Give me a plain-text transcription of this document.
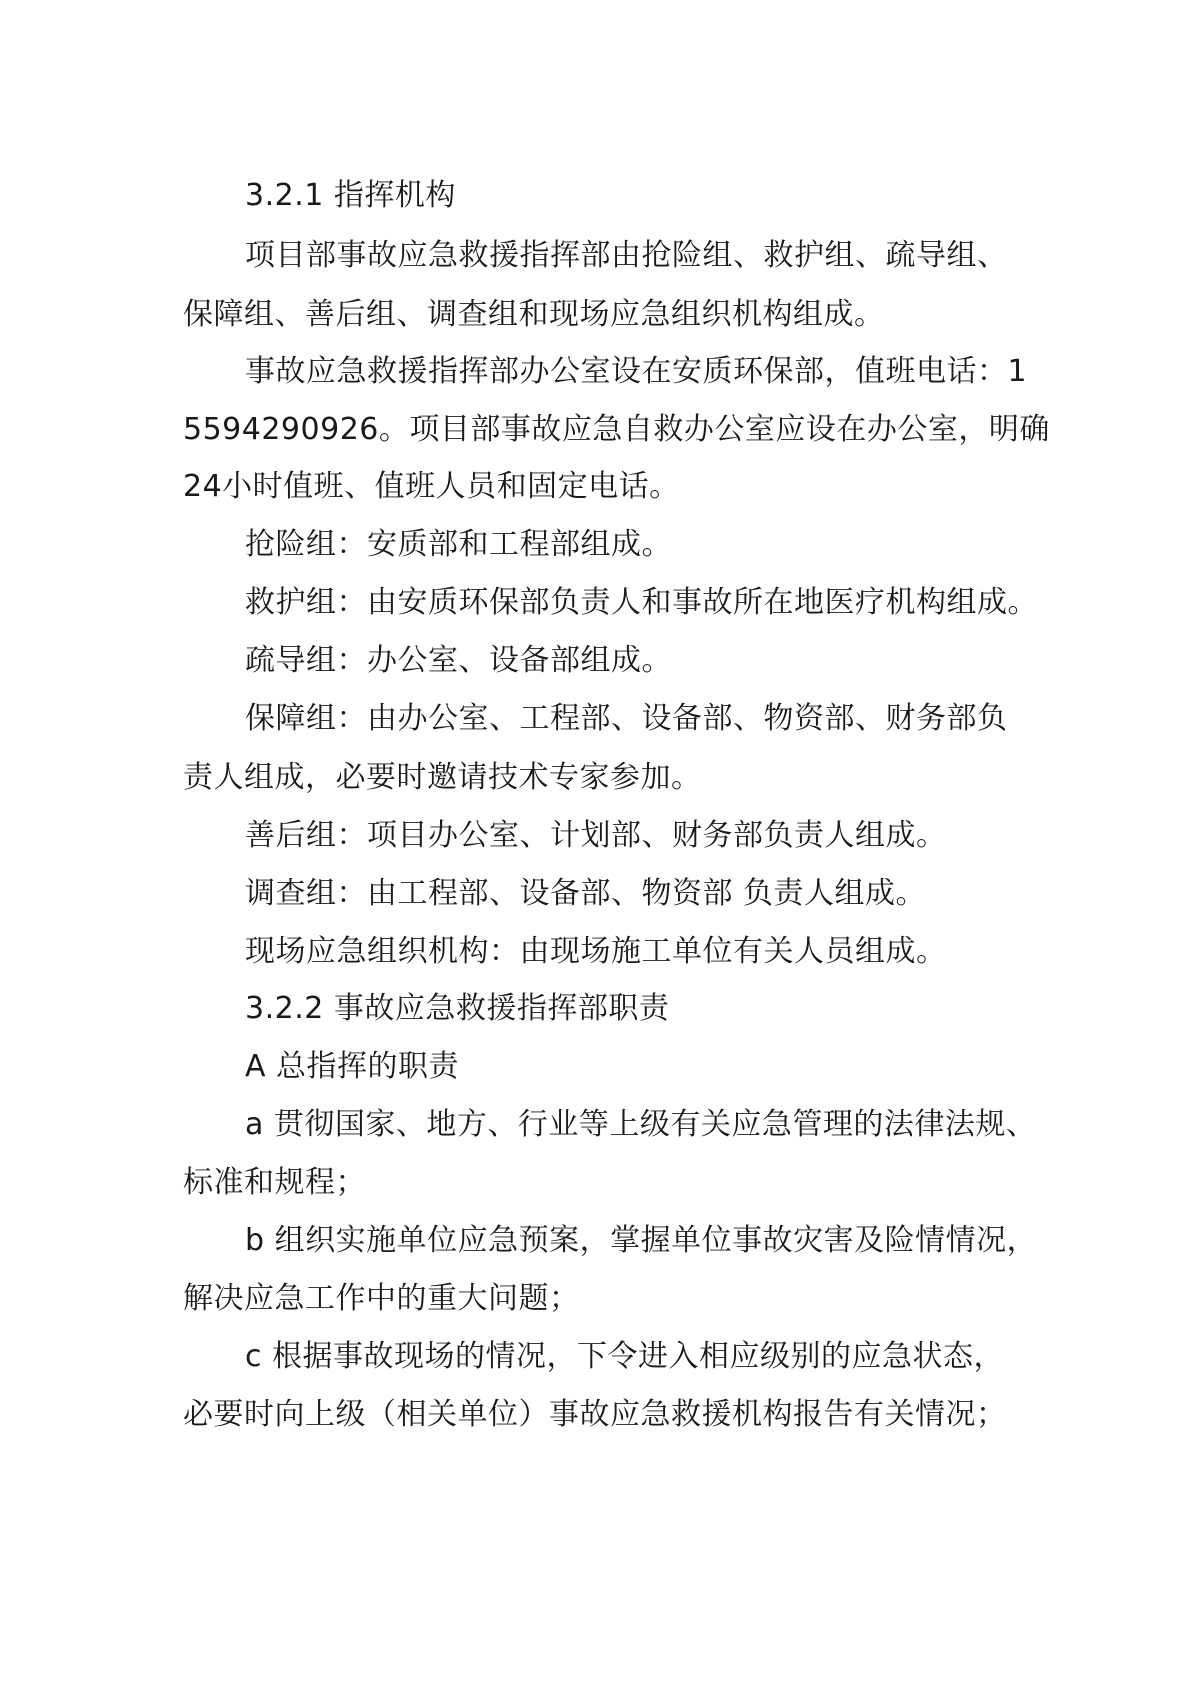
3.2.1 指挥机构
项目部事故应急救援指挥部由抢险组、救护组、疏导组、
保障组、善后组、调查组和现场应急组织机构组成。
事故应急救援指挥部办公室设在安质环保部，值班电话：1
5594290926。项目部事故应急自救办公室应设在办公室，明确
24小时值班、值班人员和固定电话。
抢险组：安质部和工程部组成。
救护组：由安质环保部负责人和事故所在地医疗机构组成。
疏导组：办公室、设备部组成。
保障组：由办公室、工程部、设备部、物资部、财务部负
责人组成，必要时邀请技术专家参加。
善后组：项目办公室、计划部、财务部负责人组成。
调查组：由工程部、设备部、物资部 负责人组成。
现场应急组织机构：由现场施工单位有关人员组成。
3.2.2 事故应急救援指挥部职责
A 总指挥的职责
a 贯彻国家、地方、行业等上级有关应急管理的法律法规、
标准和规程；
b 组织实施单位应急预案，掌握单位事故灾害及险情情况，
解决应急工作中的重大问题；
c 根据事故现场的情况，下令进入相应级别的应急状态，
必要时向上级（相关单位）事故应急救援机构报告有关情况；
